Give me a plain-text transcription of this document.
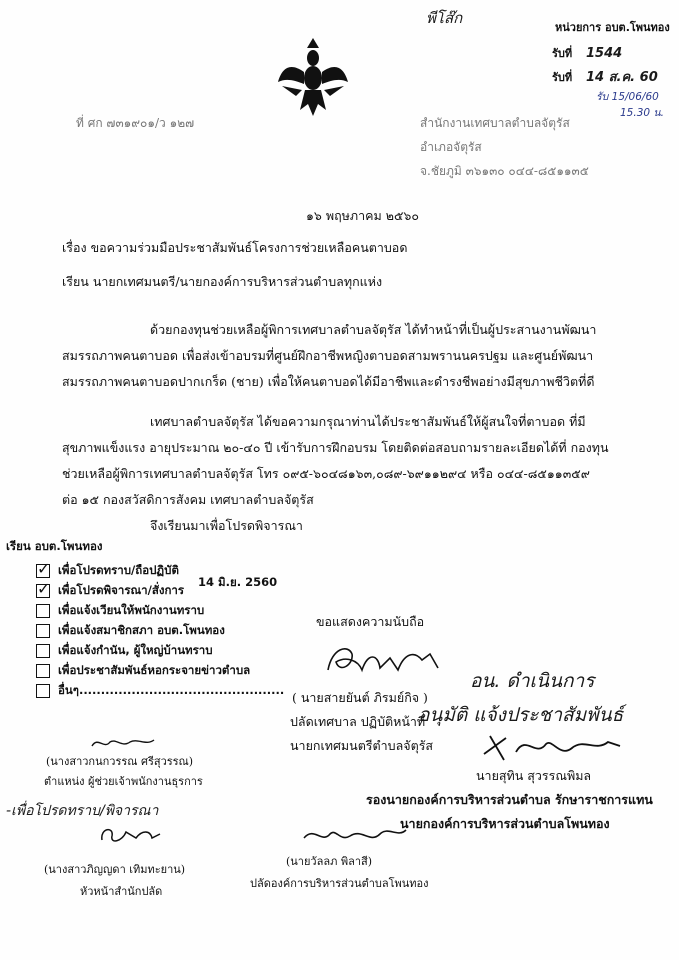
พีโส๊ก
หน่วยการ อบต.โพนทอง
รับที่ 1544
รับที่ 14 ส.ค. 60
รับ 15/06/60
15.30 น.
ที่ ศก ๗๓๑๙๐๑/ว ๑๒๗	สำนักงานเทศบาลตำบลจัตุรัส
อำเภอจัตุรัส
จ.ชัยภูมิ ๓๖๑๓๐ ๐๔๔-๘๕๑๑๓๕
๑๖ พฤษภาคม ๒๕๖๐
เรื่อง ขอความร่วมมือประชาสัมพันธ์โครงการช่วยเหลือคนตาบอด
เรียน นายกเทศมนตรี/นายกองค์การบริหารส่วนตำบลทุกแห่ง
ด้วยกองทุนช่วยเหลือผู้พิการเทศบาลตำบลจัตุรัส ได้ทำหน้าที่เป็นผู้ประสานงานพัฒนา
สมรรถภาพคนตาบอด เพื่อส่งเข้าอบรมที่ศูนย์ฝึกอาชีพหญิงตาบอดสามพรานนครปฐม และศูนย์พัฒนา
สมรรถภาพคนตาบอดปากเกร็ด (ชาย) เพื่อให้คนตาบอดได้มีอาชีพและดำรงชีพอย่างมีสุขภาพชีวิตที่ดี
เทศบาลตำบลจัตุรัส ได้ขอความกรุณาท่านได้ประชาสัมพันธ์ให้ผู้สนใจที่ตาบอด ที่มี
สุขภาพแข็งแรง อายุประมาณ ๒๐-๔๐ ปี เข้ารับการฝึกอบรม โดยติดต่อสอบถามรายละเอียดได้ที่ กองทุน
ช่วยเหลือผู้พิการเทศบาลตำบลจัตุรัส โทร ๐๙๕-๖๐๔๘๑๖๓,๐๘๙-๖๙๑๑๒๙๔ หรือ ๐๔๔-๘๕๑๑๓๕๙
ต่อ ๑๕ กองสวัสดิการสังคม เทศบาลตำบลจัตุรัส
จึงเรียนมาเพื่อโปรดพิจารณา
เรียน อบต.โพนทอง
14 มิ.ย. 2560
✓เพื่อโปรดทราบ/ถือปฏิบัติ
✓เพื่อโปรดพิจารณา/สั่งการ
เพื่อแจ้งเวียนให้พนักงานทราบ
เพื่อแจ้งสมาชิกสภา อบต.โพนทอง
เพื่อแจ้งกำนัน, ผู้ใหญ่บ้านทราบ
เพื่อประชาสัมพันธ์หอกระจายข่าวตำบล
อื่นๆ...............................................
ขอแสดงความนับถือ
( นายสายยันต์ ภิรมย์กิจ )
ปลัดเทศบาล ปฏิบัติหน้าที่
นายกเทศมนตรีตำบลจัตุรัส
อน. ดำเนินการ
อนุมัติ แจ้งประชาสัมพันธ์
นายสุทิน สุวรรณพิมล
รองนายกองค์การบริหารส่วนตำบล รักษาราชการแทน
นายกองค์การบริหารส่วนตำบลโพนทอง
(นางสาวกนกวรรณ ศรีสุวรรณ)
ตำแหน่ง ผู้ช่วยเจ้าพนักงานธุรการ
-เพื่อโปรดทราบ/พิจารณา
(นางสาวภิญญดา เทิมทะยาน)
หัวหน้าสำนักปลัด
(นายวัลลภ พิลาสี)
ปลัดองค์การบริหารส่วนตำบลโพนทอง
